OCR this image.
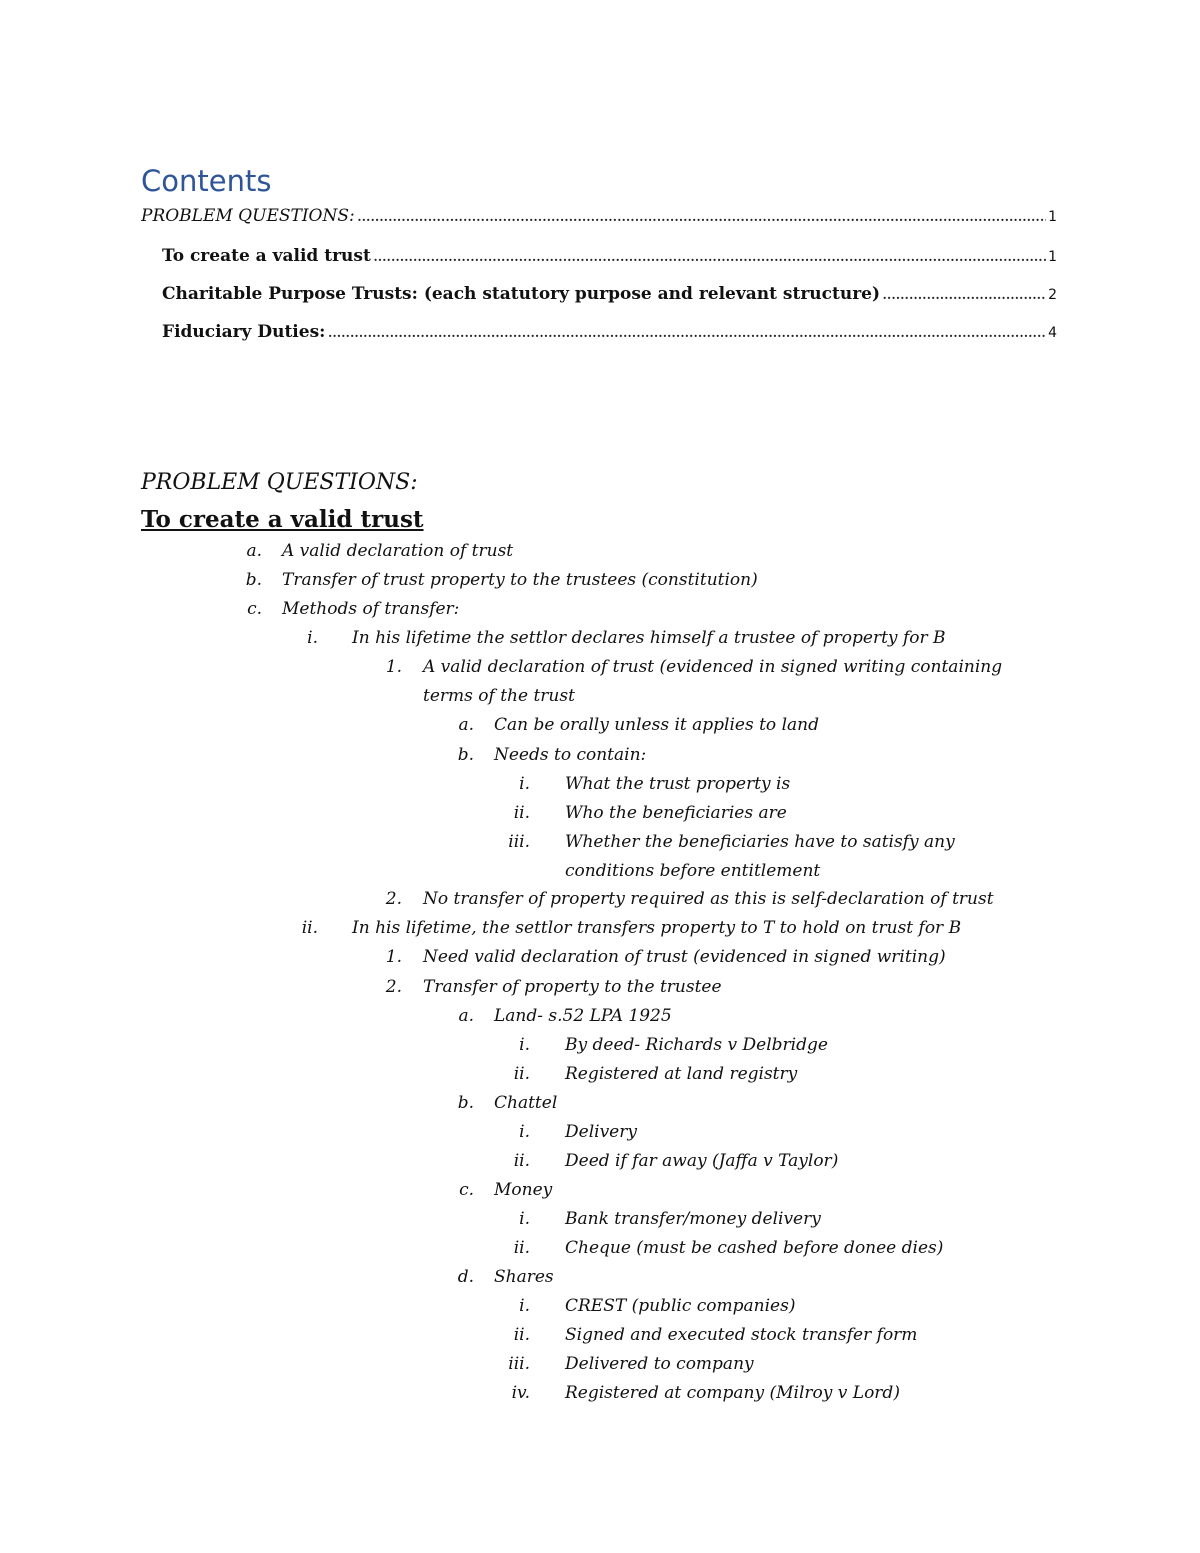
Contents
PROBLEM QUESTIONS: .....	1
To create a valid trust .....	1
Charitable Purpose Trusts: (each statutory purpose and relevant structure) .....	2
Fiduciary Duties: .....	4
PROBLEM QUESTIONS:
To create a valid trust
a. A valid declaration of trust
b. Transfer of trust property to the trustees (constitution)
c. Methods of transfer:
i. In his lifetime the settlor declares himself a trustee of property for B
1. A valid declaration of trust (evidenced in signed writing containing
terms of the trust
a. Can be orally unless it applies to land
b. Needs to contain:
i. What the trust property is
ii. Who the beneficiaries are
iii. Whether the beneficiaries have to satisfy any
conditions before entitlement
2. No transfer of property required as this is self-declaration of trust
ii. In his lifetime, the settlor transfers property to T to hold on trust for B
1. Need valid declaration of trust (evidenced in signed writing)
2. Transfer of property to the trustee
a. Land- s.52 LPA 1925
i. By deed- Richards v Delbridge
ii. Registered at land registry
b. Chattel
i. Delivery
ii. Deed if far away (Jaffa v Taylor)
c. Money
i. Bank transfer/money delivery
ii. Cheque (must be cashed before donee dies)
d. Shares
i. CREST (public companies)
ii. Signed and executed stock transfer form
iii. Delivered to company
iv. Registered at company (Milroy v Lord)
